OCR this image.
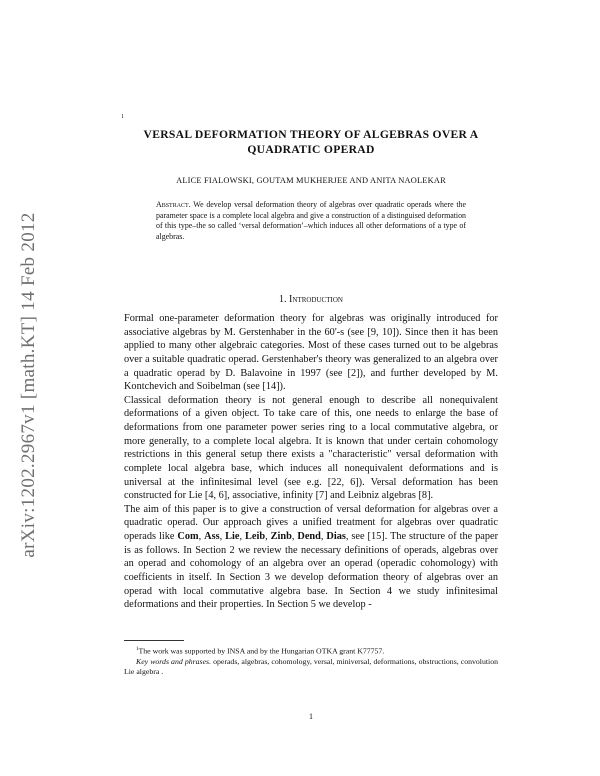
arXiv:1202.2967v1 [math.KT] 14 Feb 2012
1
VERSAL DEFORMATION THEORY OF ALGEBRAS OVER A QUADRATIC OPERAD
ALICE FIALOWSKI, GOUTAM MUKHERJEE AND ANITA NAOLEKAR
Abstract. We develop versal deformation theory of algebras over quadratic operads where the parameter space is a complete local algebra and give a construction of a distinguised deformation of this type–the so called ‘versal deformation’–which induces all other deformations of a type of algebras.
1. Introduction

Formal one-parameter deformation theory for algebras was originally introduced for associative algebras by M. Gerstenhaber in the 60'-s (see [9, 10]). Since then it has been applied to many other algebraic categories. Most of these cases turned out to be algebras over a suitable quadratic operad. Gerstenhaber's theory was generalized to an algebra over a quadratic operad by D. Balavoine in 1997 (see [2]), and further developed by M. Kontchevich and Soibelman (see [14]).

Classical deformation theory is not general enough to describe all nonequivalent deformations of a given object. To take care of this, one needs to enlarge the base of deformations from one parameter power series ring to a local commutative algebra, or more generally, to a complete local algebra. It is known that under certain cohomology restrictions in this general setup there exists a "characteristic" versal deformation with complete local algebra base, which induces all nonequivalent deformations and is universal at the infinitesimal level (see e.g. [22, 6]). Versal deformation has been constructed for Lie [4, 6], associative, infinity [7] and Leibniz algebras [8].

The aim of this paper is to give a construction of versal deformation for algebras over a quadratic operad. Our approach gives a unified treatment for algebras over quadratic operads like Com, Ass, Lie, Leib, Zinb, Dend, Dias, see [15]. The structure of the paper is as follows. In Section 2 we review the necessary definitions of operads, algebras over an operad and cohomology of an algebra over an operad (operadic cohomology) with coefficients in itself. In Section 3 we develop deformation theory of algebras over an operad with local commutative algebra base. In Section 4 we study infinitesimal deformations and their properties. In Section 5 we develop -

$^1$The work was supported by INSA and by the Hungarian OTKA grant K77757.

Key words and phrases. operads, algebras, cohomology, versal, miniversal, deformations, obstructions, convolution Lie algebra .

1
